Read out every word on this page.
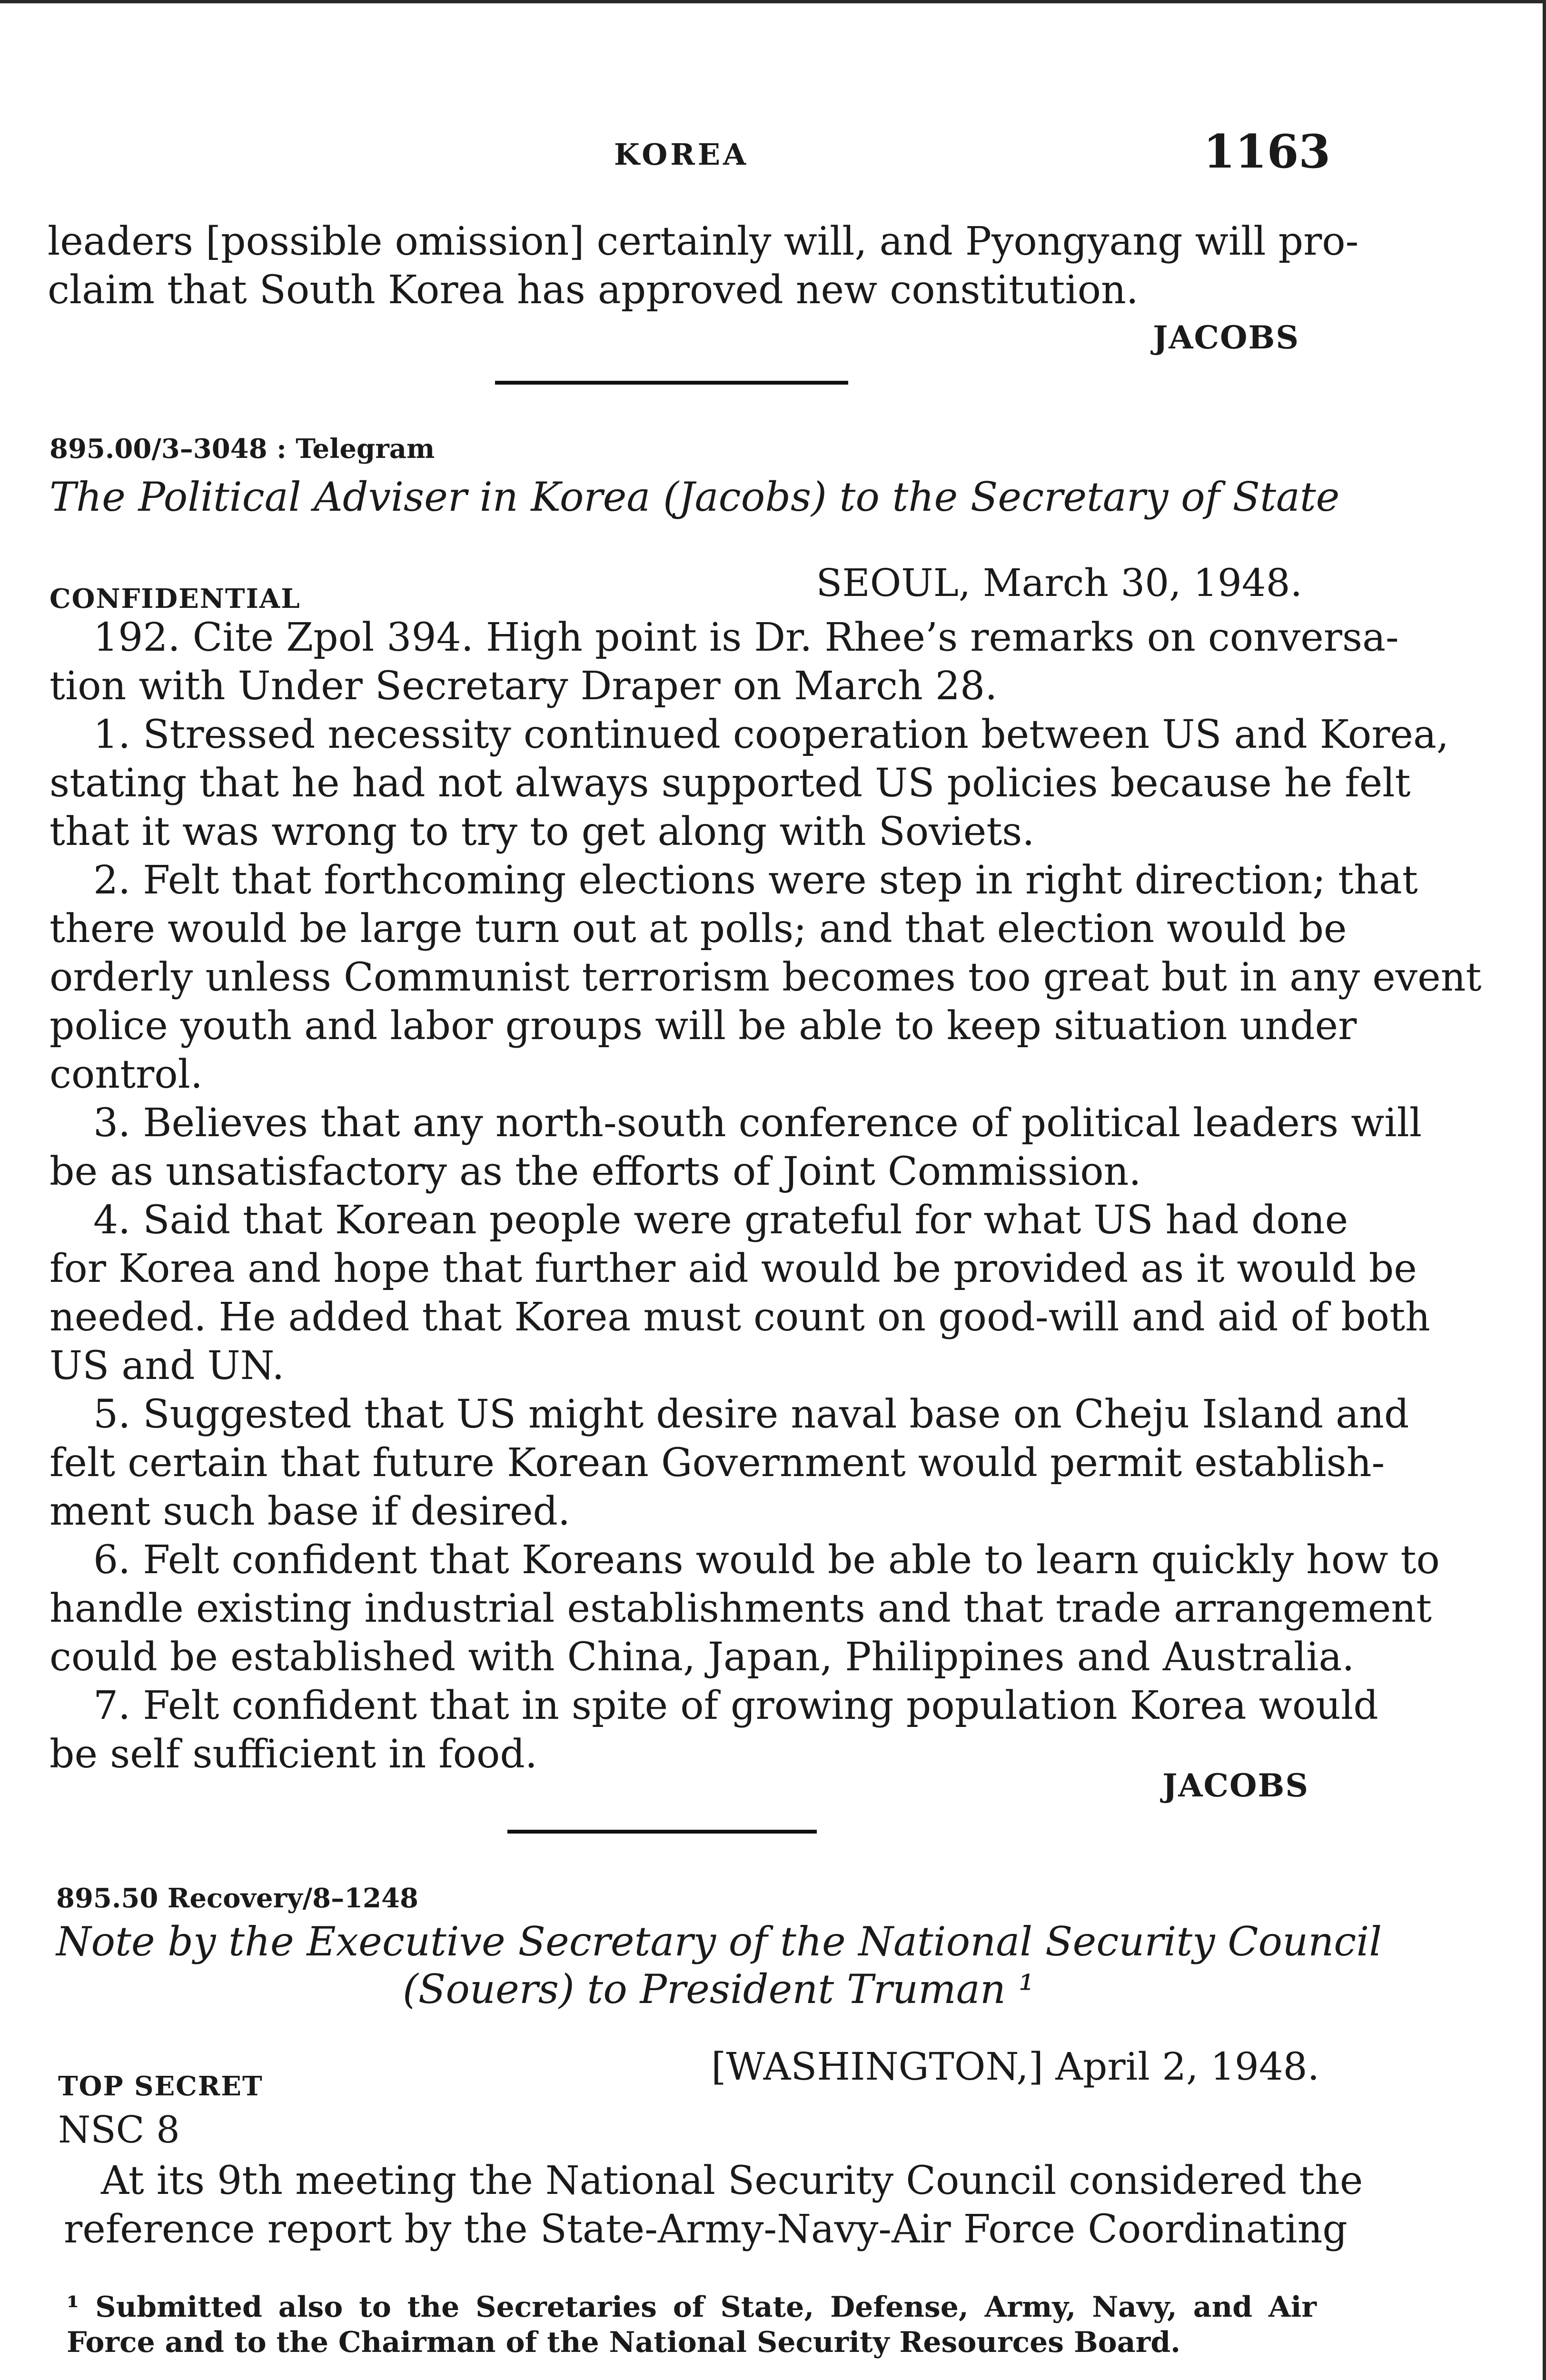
KOREA	1163
leaders [possible omission] certainly will, and Pyongyang will pro-
claim that South Korea has approved new constitution.
JACOBS
895.00/3–3048 : Telegram
The Political Adviser in Korea (Jacobs) to the Secretary of State
CONFIDENTIAL	SEOUL, March 30, 1948.
192. Cite Zpol 394. High point is Dr. Rhee’s remarks on conversa-
tion with Under Secretary Draper on March 28.
1. Stressed necessity continued cooperation between US and Korea,
stating that he had not always supported US policies because he felt
that it was wrong to try to get along with Soviets.
2. Felt that forthcoming elections were step in right direction; that
there would be large turn out at polls; and that election would be
orderly unless Communist terrorism becomes too great but in any event
police youth and labor groups will be able to keep situation under
control.
3. Believes that any north-south conference of political leaders will
be as unsatisfactory as the efforts of Joint Commission.
4. Said that Korean people were grateful for what US had done
for Korea and hope that further aid would be provided as it would be
needed. He added that Korea must count on good-will and aid of both
US and UN.
5. Suggested that US might desire naval base on Cheju Island and
felt certain that future Korean Government would permit establish-
ment such base if desired.
6. Felt confident that Koreans would be able to learn quickly how to
handle existing industrial establishments and that trade arrangement
could be established with China, Japan, Philippines and Australia.
7. Felt confident that in spite of growing population Korea would
be self sufficient in food.
JACOBS
895.50 Recovery/8–1248
Note by the Executive Secretary of the National Security Council
(Souers) to President Truman ¹
TOP SECRET	[WASHINGTON,] April 2, 1948.
NSC 8
At its 9th meeting the National Security Council considered the
reference report by the State-Army-Navy-Air Force Coordinating
¹ Submitted also to the Secretaries of State, Defense, Army, Navy, and Air
Force and to the Chairman of the National Security Resources Board.
